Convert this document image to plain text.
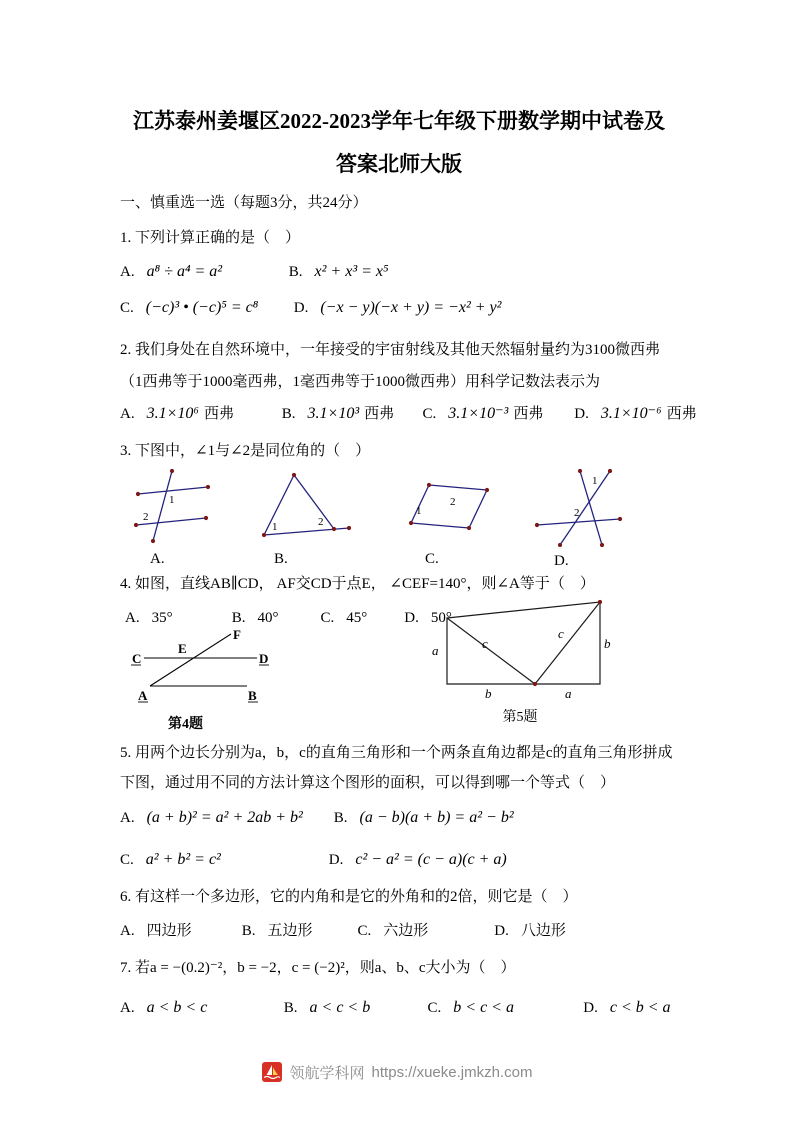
江苏泰州姜堰区2022-2023学年七年级下册数学期中试卷及
答案北师大版
一、慎重选一选（每题3分，共24分）
1. 下列计算正确的是（　）
A. a⁸ ÷ a⁴ = a²	B. x² + x³ = x⁵
C. (−c)³ • (−c)⁵ = c⁸ D. (−x − y)(−x + y) = −x² + y²
2. 我们身处在自然环境中，一年接受的宇宙射线及其他天然辐射量约为3100微西弗（1西弗等于1000毫西弗，1毫西弗等于1000微西弗）用科学记数法表示为
A. 3.1×10⁶ 西弗	B. 3.1×10³ 西弗 C. 3.1×10⁻³ 西弗 D. 3.1×10⁻⁶ 西弗
3. 下图中，∠1与∠2是同位角的（　）
1
2
A.

1	2
B.

1
2
C.

1
2
D.
4. 如图，直线AB∥CD， AF交CD于点E， ∠CEF=140°，则∠A等于（　）
A. 35°	B. 40°	C. 45° D. 50°
C	D
E
F
A	B
第4题
a	b
b	a
c
c
第5题
5. 用两个边长分别为a，b，c的直角三角形和一个两条直角边都是c的直角三角形拼成下图，通过用不同的方法计算这个图形的面积，可以得到哪一个等式（　）
A. (a + b)² = a² + 2ab + b² B. (a − b)(a + b) = a² − b²
C. a² + b² = c²	D. c² − a² = (c − a)(c + a)
6. 有这样一个多边形，它的内角和是它的外角和的2倍，则它是（　）
A. 四边形	B. 五边形	C. 六边形	D. 八边形
7. 若a = −(0.2)⁻²，b = −2，c = (−2)²，则a、b、c大小为（　）
A. a < b < c	B. a < c < b	C. b < c < a	D. c < b < a
领航学科网 https://xueke.jmkzh.com
